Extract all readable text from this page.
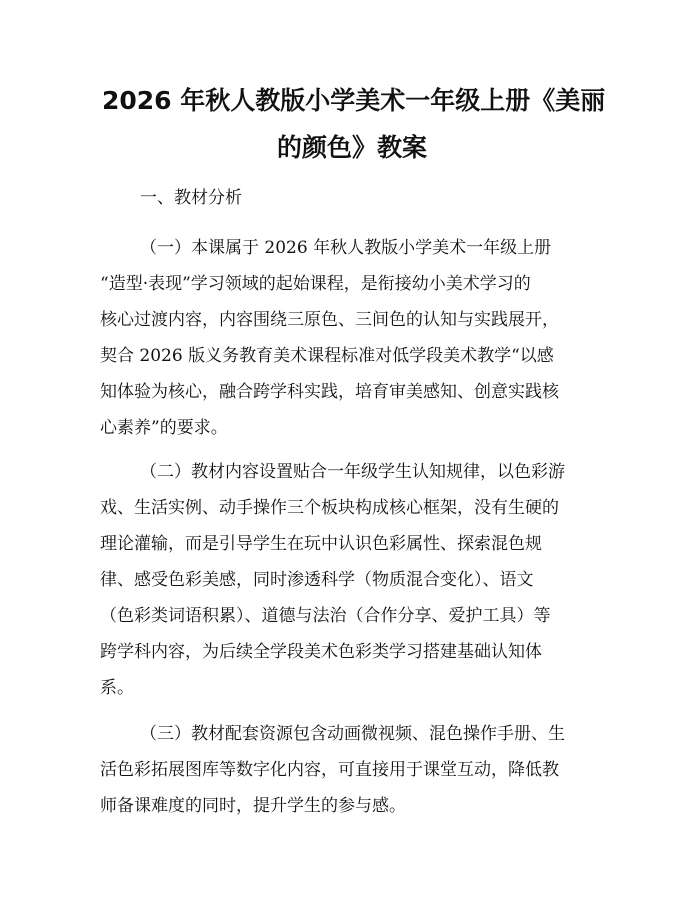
2026 年秋人教版小学美术一年级上册《美丽
的颜色》教案
一、教材分析
（一）本课属于 2026 年秋人教版小学美术一年级上册
“造型·表现”学习领域的起始课程，是衔接幼小美术学习的
核心过渡内容，内容围绕三原色、三间色的认知与实践展开，
契合 2026 版义务教育美术课程标准对低学段美术教学“以感
知体验为核心，融合跨学科实践，培育审美感知、创意实践核
心素养”的要求。
（二）教材内容设置贴合一年级学生认知规律，以色彩游
戏、生活实例、动手操作三个板块构成核心框架，没有生硬的
理论灌输，而是引导学生在玩中认识色彩属性、探索混色规
律、感受色彩美感，同时渗透科学（物质混合变化）、语文
（色彩类词语积累）、道德与法治（合作分享、爱护工具）等
跨学科内容，为后续全学段美术色彩类学习搭建基础认知体
系。
（三）教材配套资源包含动画微视频、混色操作手册、生
活色彩拓展图库等数字化内容，可直接用于课堂互动，降低教
师备课难度的同时，提升学生的参与感。
